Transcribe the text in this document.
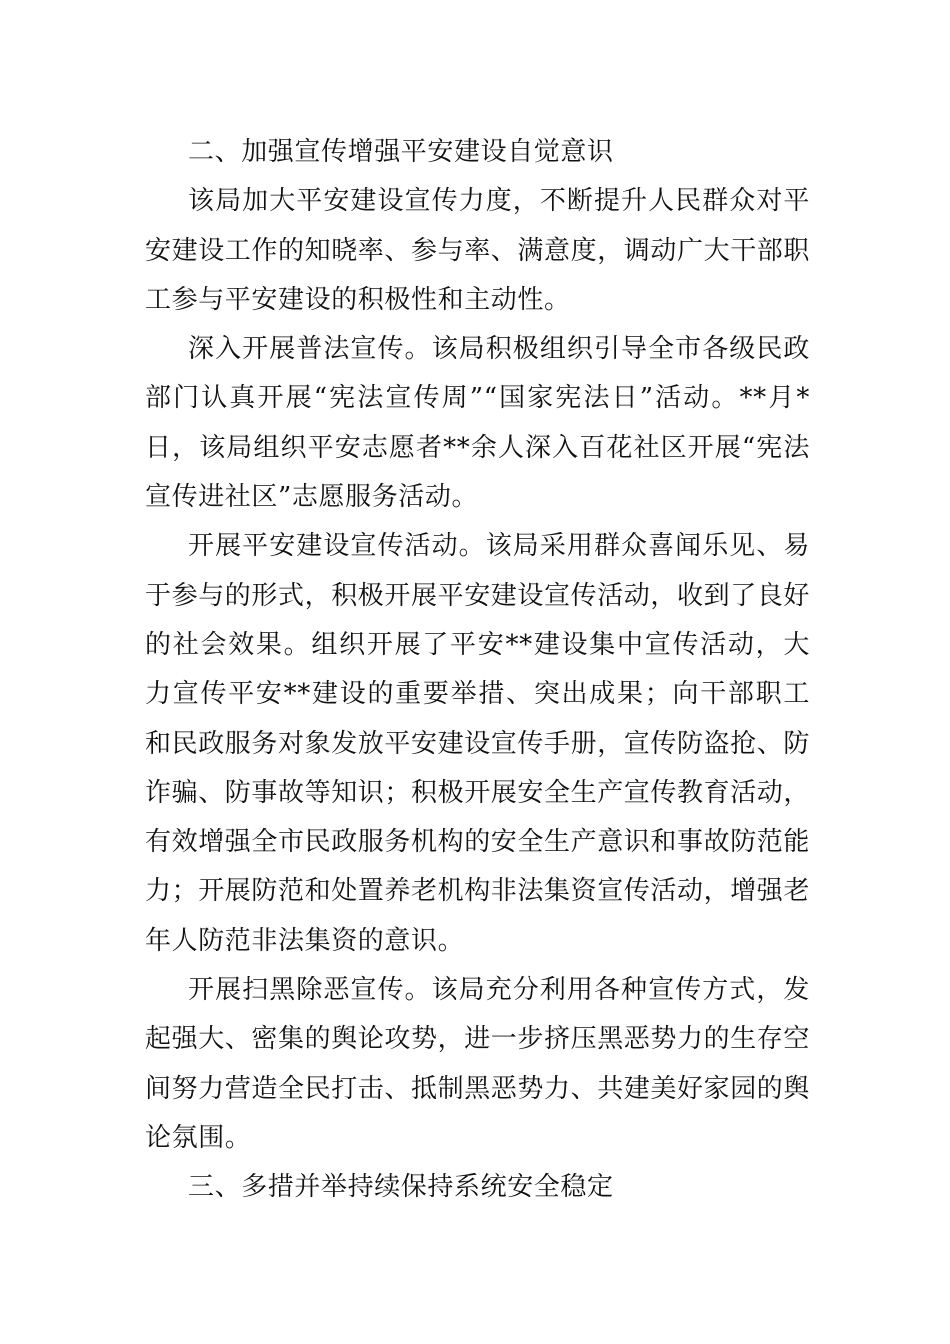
二、加强宣传增强平安建设自觉意识

该局加大平安建设宣传力度，不断提升人民群众对平安建设工作的知晓率、参与率、满意度，调动广大干部职工参与平安建设的积极性和主动性。

深入开展普法宣传。该局积极组织引导全市各级民政部门认真开展“宪法宣传周”“国家宪法日”活动。**月*日，该局组织平安志愿者**余人深入百花社区开展“宪法宣传进社区”志愿服务活动。

开展平安建设宣传活动。该局采用群众喜闻乐见、易于参与的形式，积极开展平安建设宣传活动，收到了良好的社会效果。组织开展了平安**建设集中宣传活动，大力宣传平安**建设的重要举措、突出成果；向干部职工和民政服务对象发放平安建设宣传手册，宣传防盗抢、防诈骗、防事故等知识；积极开展安全生产宣传教育活动，有效增强全市民政服务机构的安全生产意识和事故防范能力；开展防范和处置养老机构非法集资宣传活动，增强老年人防范非法集资的意识。

开展扫黑除恶宣传。该局充分利用各种宣传方式，发起强大、密集的舆论攻势，进一步挤压黑恶势力的生存空间努力营造全民打击、抵制黑恶势力、共建美好家园的舆论氛围。

三、多措并举持续保持系统安全稳定
